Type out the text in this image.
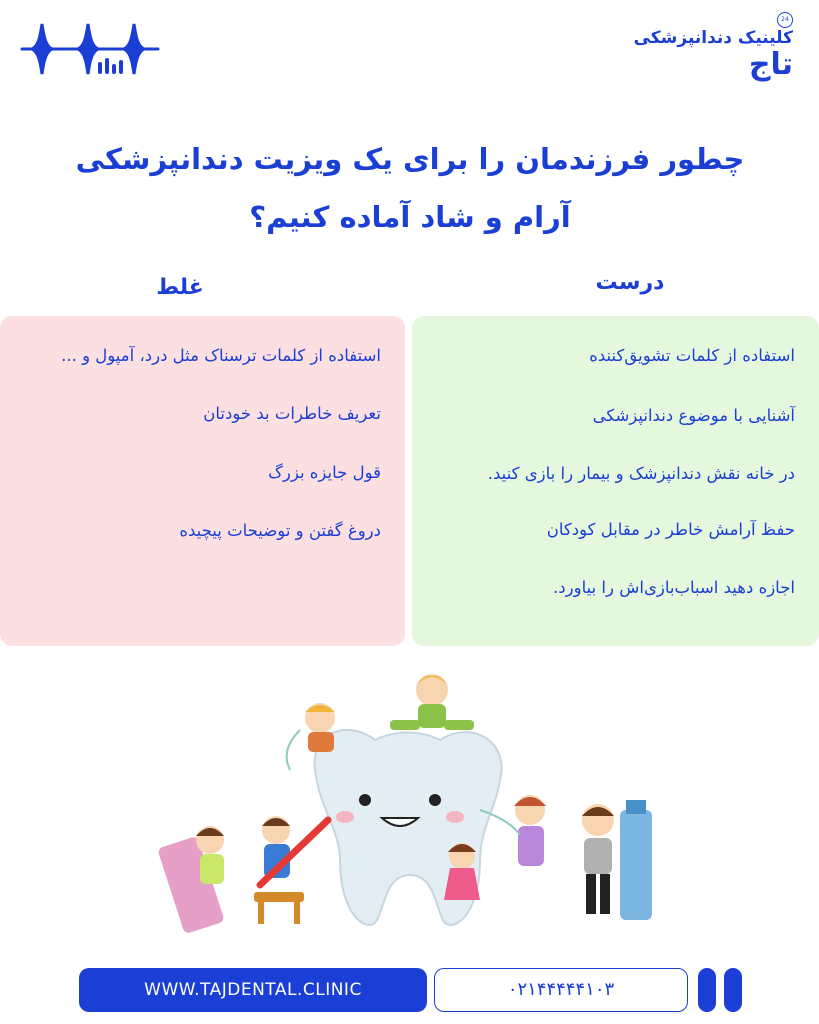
24
کلینیک دندانپزشکی
تاج
چطور فرزندمان را برای یک ویزیت دندانپزشکی
آرام و شاد آماده کنیم؟
درست
غلط
استفاده از کلمات ترسناک مثل درد، آمپول و ...
تعریف خاطرات بد خودتان
قول جایزه بزرگ
دروغ گفتن و توضیحات پیچیده
استفاده از کلمات تشویق‌کننده
آشنایی با موضوع دندانپزشکی
در خانه نقش دندانپزشک و بیمار را بازی کنید.
حفظ آرامش خاطر در مقابل کودکان
اجازه دهید اسباب‌بازی‌اش را بیاورد.
WWW.TAJDENTAL.CLINIC	۰۲۱۴۴۴۴۴۱۰۳
